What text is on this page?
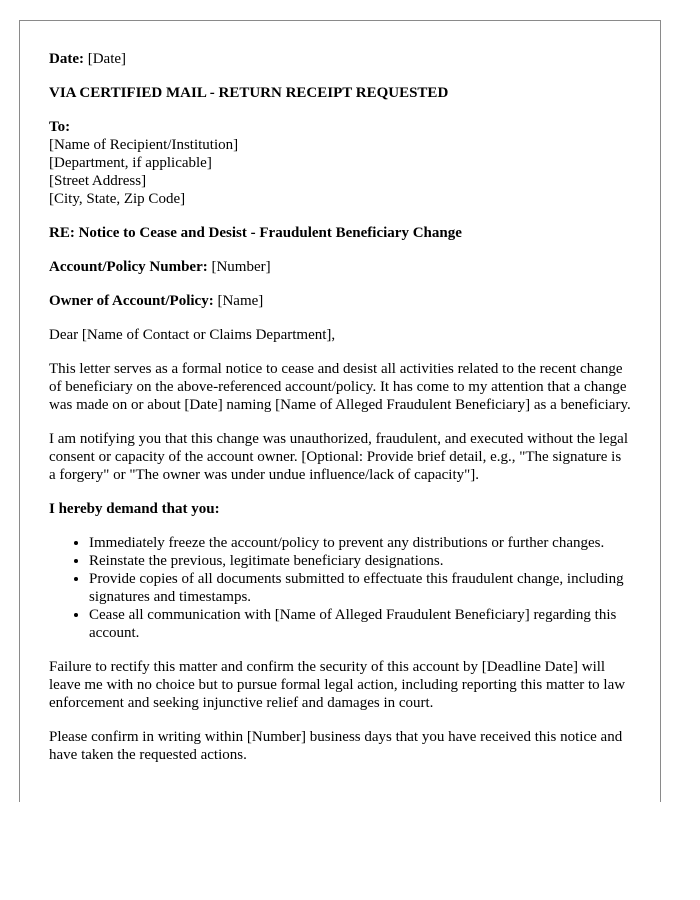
Date: [Date]

VIA CERTIFIED MAIL - RETURN RECEIPT REQUESTED

To:
[Name of Recipient/Institution]
[Department, if applicable]
[Street Address]
[City, State, Zip Code]

RE: Notice to Cease and Desist - Fraudulent Beneficiary Change

Account/Policy Number: [Number]

Owner of Account/Policy: [Name]

Dear [Name of Contact or Claims Department],

This letter serves as a formal notice to cease and desist all activities related to the recent change of beneficiary on the above-referenced account/policy. It has come to my attention that a change was made on or about [Date] naming [Name of Alleged Fraudulent Beneficiary] as a beneficiary.

I am notifying you that this change was unauthorized, fraudulent, and executed without the legal consent or capacity of the account owner. [Optional: Provide brief detail, e.g., "The signature is a forgery" or "The owner was under undue influence/lack of capacity"].

I hereby demand that you:

• Immediately freeze the account/policy to prevent any distributions or further changes.
• Reinstate the previous, legitimate beneficiary designations.
• Provide copies of all documents submitted to effectuate this fraudulent change, including signatures and timestamps.
• Cease all communication with [Name of Alleged Fraudulent Beneficiary] regarding this account.

Failure to rectify this matter and confirm the security of this account by [Deadline Date] will leave me with no choice but to pursue formal legal action, including reporting this matter to law enforcement and seeking injunctive relief and damages in court.

Please confirm in writing within [Number] business days that you have received this notice and have taken the requested actions.
